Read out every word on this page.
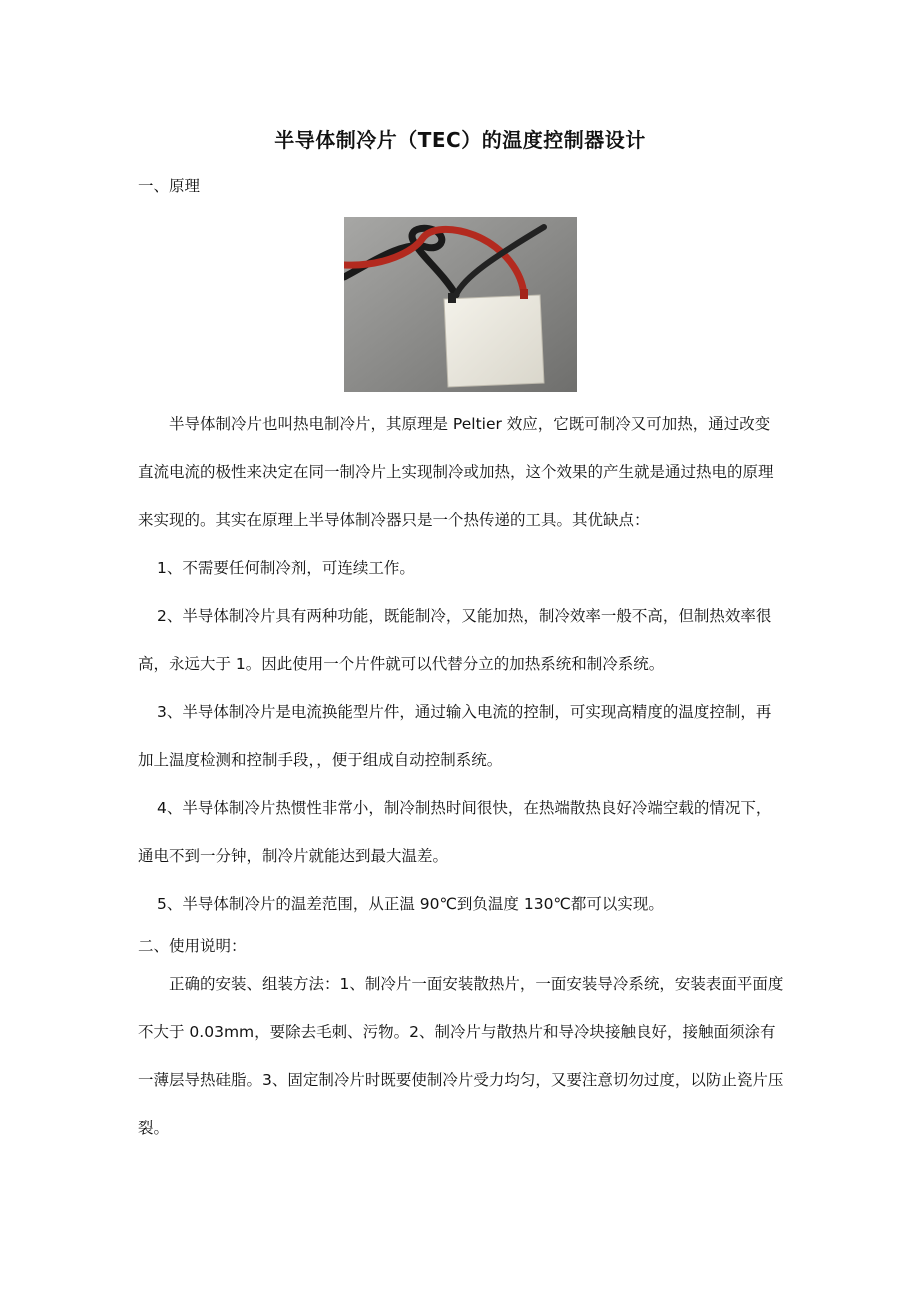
半导体制冷片（TEC）的温度控制器设计
一、原理

半导体制冷片也叫热电制冷片，其原理是 Peltier 效应，它既可制冷又可加热，通过改变直流电流的极性来决定在同一制冷片上实现制冷或加热，这个效果的产生就是通过热电的原理来实现的。其实在原理上半导体制冷器只是一个热传递的工具。其优缺点：

1、不需要任何制冷剂，可连续工作。

2、半导体制冷片具有两种功能，既能制冷，又能加热，制冷效率一般不高，但制热效率很高，永远大于 1。因此使用一个片件就可以代替分立的加热系统和制冷系统。

3、半导体制冷片是电流换能型片件，通过输入电流的控制，可实现高精度的温度控制，再加上温度检测和控制手段，，便于组成自动控制系统。

4、半导体制冷片热惯性非常小，制冷制热时间很快，在热端散热良好冷端空载的情况下，通电不到一分钟，制冷片就能达到最大温差。

5、半导体制冷片的温差范围，从正温 90℃到负温度 130℃都可以实现。

二、使用说明：

正确的安装、组装方法：1、制冷片一面安装散热片，一面安装导冷系统，安装表面平面度不大于 0.03mm，要除去毛刺、污物。2、制冷片与散热片和导冷块接触良好，接触面须涂有一薄层导热硅脂。3、固定制冷片时既要使制冷片受力均匀，又要注意切勿过度，以防止瓷片压裂。
